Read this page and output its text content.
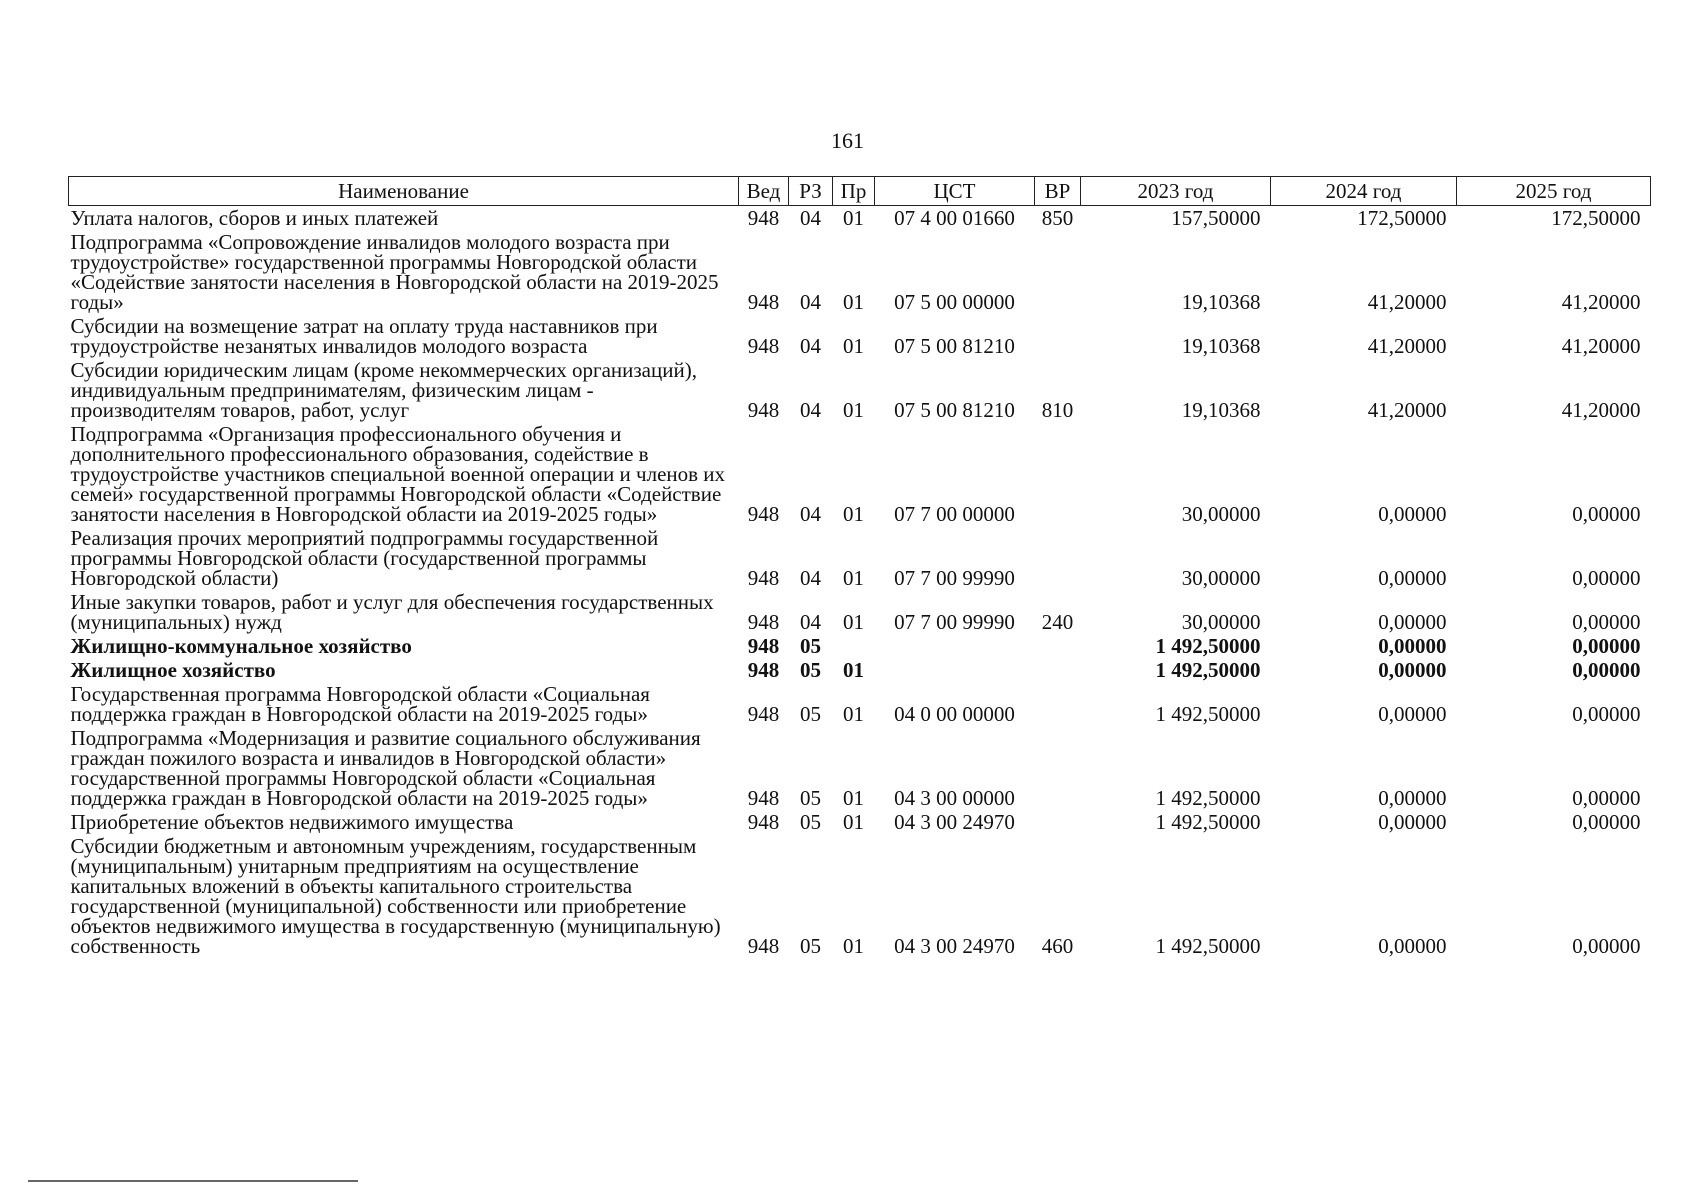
161
Наименование	Вед	РЗ	Пр	ЦСТ	ВР	2023 год	2024 год	2025 год
Уплата налогов, сборов и иных платежей	948	04	01	07 4 00 01660	850	157,50000	172,50000	172,50000
Подпрограмма «Сопровождение инвалидов молодого возраста при трудоустройстве» государственной программы Новгородской области «Содействие занятости населения в Новгородской области на 2019-2025 годы»	948	04	01	07 5 00 00000		19,10368	41,20000	41,20000
Субсидии на возмещение затрат на оплату труда наставников при трудоустройстве незанятых инвалидов молодого возраста	948	04	01	07 5 00 81210		19,10368	41,20000	41,20000
Субсидии юридическим лицам (кроме некоммерческих организаций), индивидуальным предпринимателям, физическим лицам - производителям товаров, работ, услуг	948	04	01	07 5 00 81210	810	19,10368	41,20000	41,20000
Подпрограмма «Организация профессионального обучения и дополнительного профессионального образования, содействие в трудоустройстве участников специальной военной операции и членов их семей» государственной программы Новгородской области «Содействие занятости населения в Новгородской области иа 2019-2025 годы»	948	04	01	07 7 00 00000		30,00000	0,00000	0,00000
Реализация прочих мероприятий подпрограммы государственной программы Новгородской области (государственной программы Новгородской области)	948	04	01	07 7 00 99990		30,00000	0,00000	0,00000
Иные закупки товаров, работ и услуг для обеспечения государственных (муниципальных) нужд	948	04	01	07 7 00 99990	240	30,00000	0,00000	0,00000
Жилищно-коммунальное хозяйство	948	05				1 492,50000	0,00000	0,00000
Жилищное хозяйство	948	05	01			1 492,50000	0,00000	0,00000
Государственная программа Новгородской области «Социальная поддержка граждан в Новгородской области на 2019-2025 годы»	948	05	01	04 0 00 00000		1 492,50000	0,00000	0,00000
Подпрограмма «Модернизация и развитие социального обслуживания граждан пожилого возраста и инвалидов в Новгородской области» государственной программы Новгородской области «Социальная поддержка граждан в Новгородской области на 2019-2025 годы»	948	05	01	04 3 00 00000		1 492,50000	0,00000	0,00000
Приобретение объектов недвижимого имущества	948	05	01	04 3 00 24970		1 492,50000	0,00000	0,00000
Субсидии бюджетным и автономным учреждениям, государственным (муниципальным) унитарным предприятиям на осуществление капитальных вложений в объекты капитального строительства государственной (муниципальной) собственности или приобретение объектов недвижимого имущества в государственную (муниципальную) собственность	948	05	01	04 3 00 24970	460	1 492,50000	0,00000	0,00000
